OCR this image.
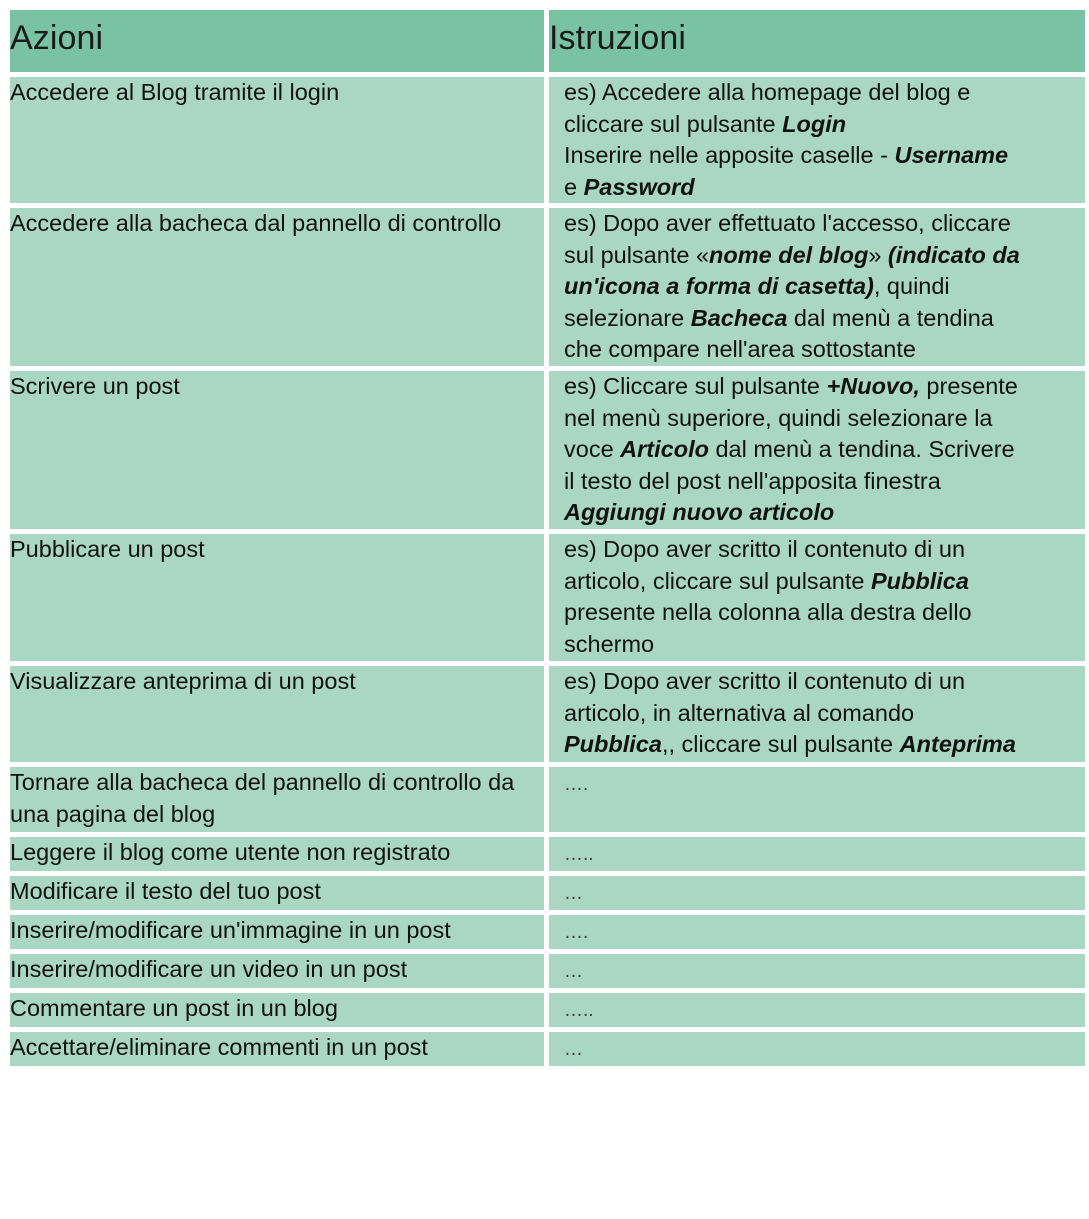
Azioni	Istruzioni
Accedere al Blog tramite il login	es) Accedere alla homepage del blog e
cliccare sul pulsante Login
Inserire nelle apposite caselle - Username
e Password

Accedere alla bacheca dal pannello di controllo	es) Dopo aver effettuato l'accesso, cliccare
sul pulsante «nome del blog» (indicato da
un'icona a forma di casetta), quindi
selezionare Bacheca dal menù a tendina
che compare nell'area sottostante

Scrivere un post	es) Cliccare sul pulsante +Nuovo, presente
nel menù superiore, quindi selezionare la
voce Articolo dal menù a tendina. Scrivere
il testo del post nell'apposita finestra
Aggiungi nuovo articolo

Pubblicare un post	es) Dopo aver scritto il contenuto di un
articolo, cliccare sul pulsante Pubblica
presente nella colonna alla destra dello
schermo

Visualizzare anteprima di un post	es) Dopo aver scritto il contenuto di un
articolo, in alternativa al comando
Pubblica,, cliccare sul pulsante Anteprima

Tornare alla bacheca del pannello di controllo da una pagina del blog	….

Leggere il blog come utente non registrato	…..

Modificare il testo del tuo post	…

Inserire/modificare un'immagine in un post	….

Inserire/modificare un video in un post	…

Commentare un post in un blog	…..

Accettare/eliminare commenti in un post	…
